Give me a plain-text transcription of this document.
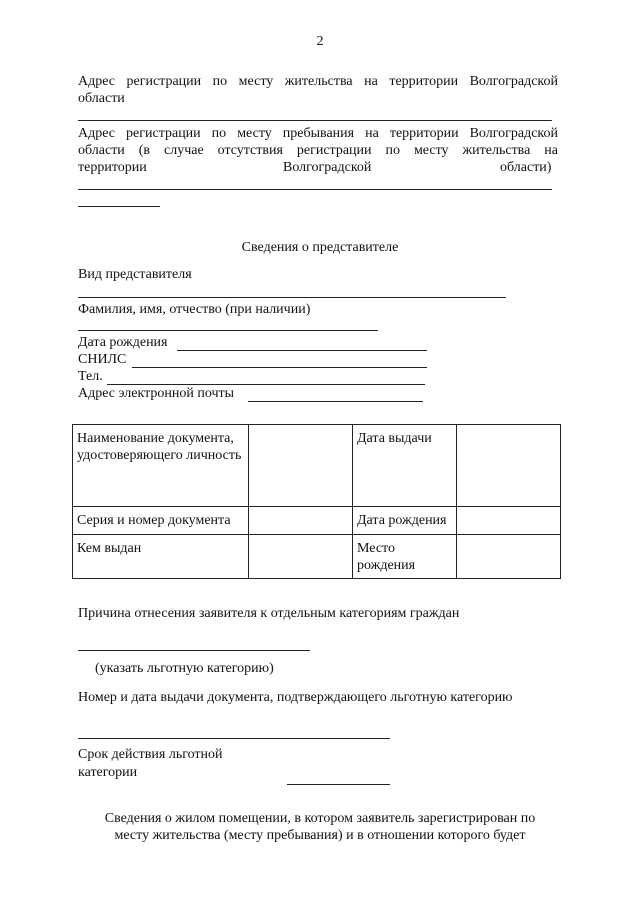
2
Адрес регистрации по месту жительства на территории Волгоградской
области
Адрес регистрации по месту пребывания на территории Волгоградской
области (в случае отсутствия регистрации по месту жительства на
территории	Волгоградской	области)
Сведения о представителе
Вид представителя
Фамилия, имя, отчество (при наличии)
Дата рождения
СНИЛС
Тел.
Адрес электронной почты
Наименование документа, удостоверяющего личность		Дата выдачи	
Серия и номер документа		Дата рождения	
Кем выдан		Место рождения	
Причина отнесения заявителя к отдельным категориям граждан
(указать льготную категорию)
Номер и дата выдачи документа, подтверждающего льготную категорию
Срок действия льготной
категории
Сведения о жилом помещении, в котором заявитель зарегистрирован по
месту жительства (месту пребывания) и в отношении которого будет
